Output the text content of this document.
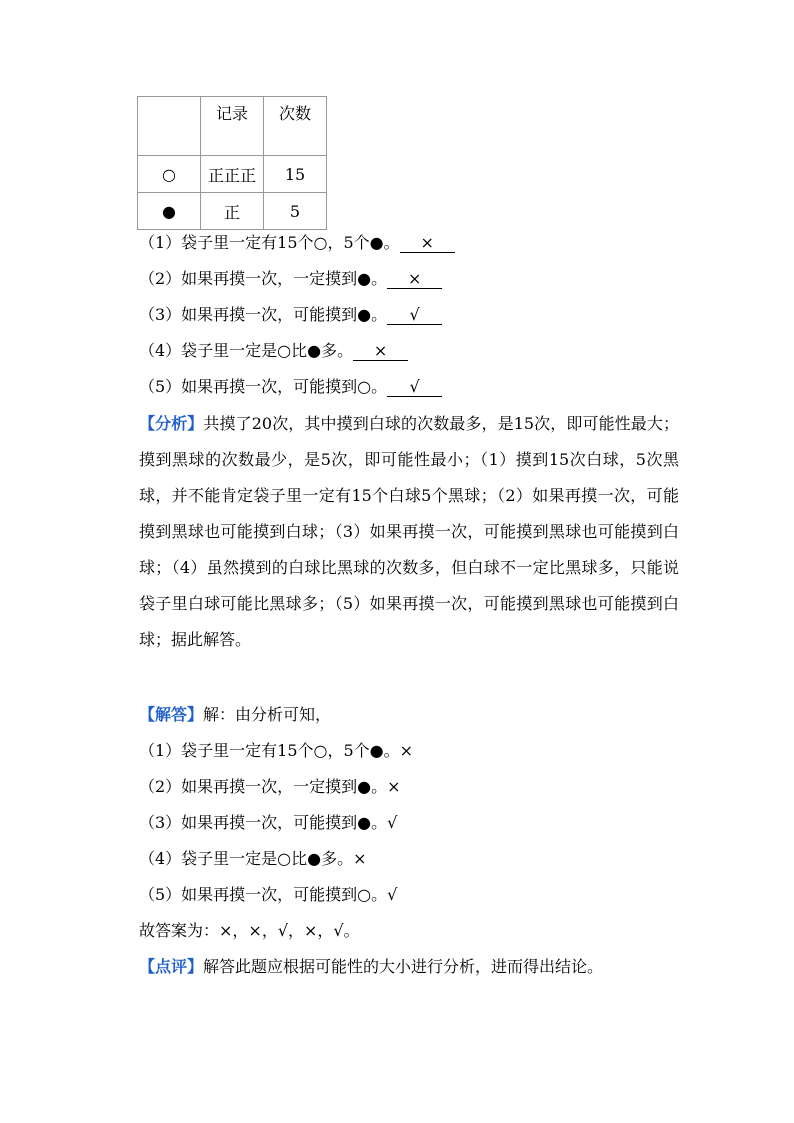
	记录	次数
○	正正正	15
●	正	5
（1）袋子里一定有15个○，5个●。 ×
（2）如果再摸一次，一定摸到●。 ×
（3）如果再摸一次，可能摸到●。 √
（4）袋子里一定是○比●多。 ×
（5）如果再摸一次，可能摸到○。 √
【分析】共摸了20次，其中摸到白球的次数最多，是15次，即可能性最大；摸到黑球的次数最少，是5次，即可能性最小；（1）摸到15次白球，5次黑球，并不能肯定袋子里一定有15个白球5个黑球；（2）如果再摸一次，可能摸到黑球也可能摸到白球；（3）如果再摸一次，可能摸到黑球也可能摸到白球；（4）虽然摸到的白球比黑球的次数多，但白球不一定比黑球多，只能说袋子里白球可能比黑球多；（5）如果再摸一次，可能摸到黑球也可能摸到白球；据此解答。
【解答】解：由分析可知，
（1）袋子里一定有15个○，5个●。×
（2）如果再摸一次，一定摸到●。×
（3）如果再摸一次，可能摸到●。√
（4）袋子里一定是○比●多。×
（5）如果再摸一次，可能摸到○。√
故答案为：×，×，√，×，√。
【点评】解答此题应根据可能性的大小进行分析，进而得出结论。
